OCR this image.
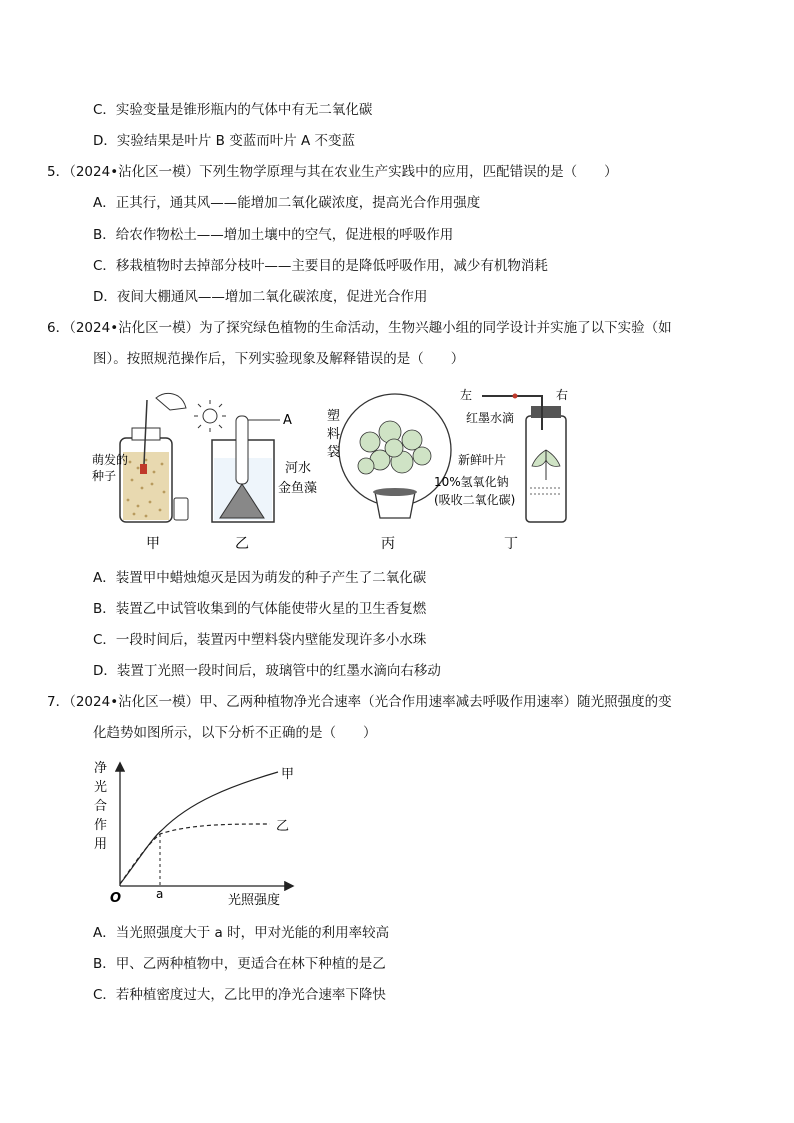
C．实验变量是锥形瓶内的气体中有无二氧化碳
D．实验结果是叶片 B 变蓝而叶片 A 不变蓝
5．（2024•沾化区一模）下列生物学原理与其在农业生产实践中的应用，匹配错误的是（　　）
A．正其行，通其风——能增加二氧化碳浓度，提高光合作用强度
B．给农作物松土——增加土壤中的空气，促进根的呼吸作用
C．移栽植物时去掉部分枝叶——主要目的是降低呼吸作用，减少有机物消耗
D．夜间大棚通风——增加二氧化碳浓度，促进光合作用
6．（2024•沾化区一模）为了探究绿色植物的生命活动，生物兴趣小组的同学设计并实施了以下实验（如
图）。按照规范操作后，下列实验现象及解释错误的是（　　）
萌发的
种子
A
河水
金鱼藻
塑
料
袋
左	右
红墨水滴
新鲜叶片
10%氢氧化钠
(吸收二氧化碳)
甲	乙	丙	丁
A．装置甲中蜡烛熄灭是因为萌发的种子产生了二氧化碳
B．装置乙中试管收集到的气体能使带火星的卫生香复燃
C．一段时间后，装置丙中塑料袋内壁能发现许多小水珠
D．装置丁光照一段时间后，玻璃管中的红墨水滴向右移动
7．（2024•沾化区一模）甲、乙两种植物净光合速率（光合作用速率减去呼吸作用速率）随光照强度的变
化趋势如图所示，以下分析不正确的是（　　）
净
光
合
作
用
O	a	光照强度
甲
乙
A．当光照强度大于 a 时，甲对光能的利用率较高
B．甲、乙两种植物中，更适合在林下种植的是乙
C．若种植密度过大，乙比甲的净光合速率下降快
